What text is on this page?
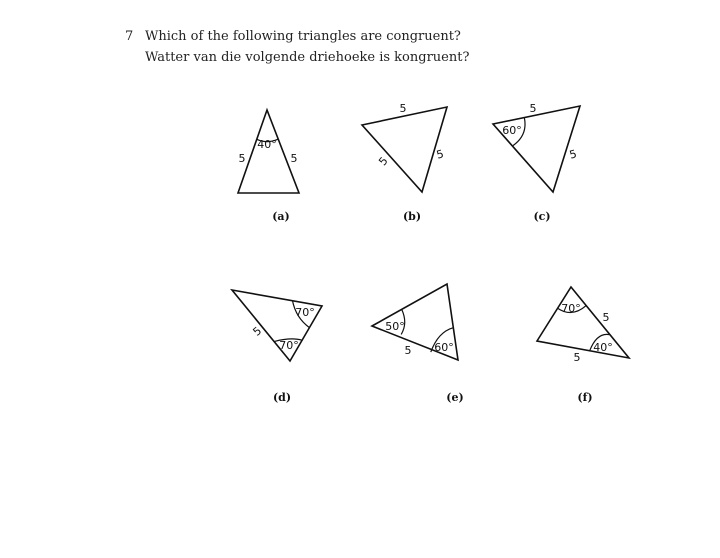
7 Which of the following triangles are congruent?
Watter van die volgende driehoeke is kongruent?
40°
5	5
(a)
5
5	5
(b)
60°
5
5
(c)
70°
70°
5
(d)
50°
60°
5
(e)
70°
40°
5
5
(f)
